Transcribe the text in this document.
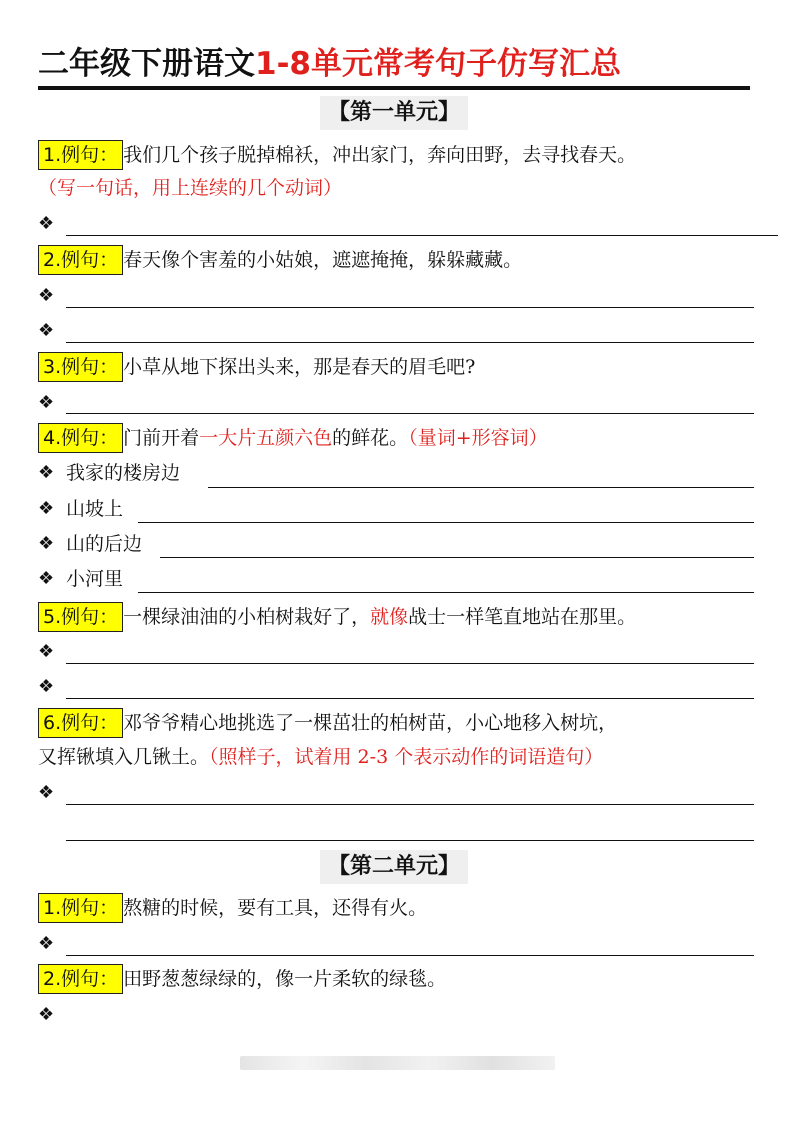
二年级下册语文1-8单元常考句子仿写汇总
【第一单元】
1.例句： 我们几个孩子脱掉棉袄，冲出家门，奔向田野，去寻找春天。
（写一句话，用上连续的几个动词）
❖
2.例句： 春天像个害羞的小姑娘，遮遮掩掩，躲躲藏藏。
❖
❖
3.例句： 小草从地下探出头来，那是春天的眉毛吧?
❖
4.例句： 门前开着一大片五颜六色的鲜花。（量词+形容词）
❖ 我家的楼房边
❖ 山坡上
❖ 山的后边
❖ 小河里
5.例句： 一棵绿油油的小柏树栽好了，就像战士一样笔直地站在那里。
❖
❖
6.例句： 邓爷爷精心地挑选了一棵茁壮的柏树苗，小心地移入树坑，
又挥锹填入几锹土。（照样子，试着用 2-3 个表示动作的词语造句）
❖
【第二单元】
1.例句： 熬糖的时候，要有工具，还得有火。
❖
2.例句： 田野葱葱绿绿的，像一片柔软的绿毯。
❖
